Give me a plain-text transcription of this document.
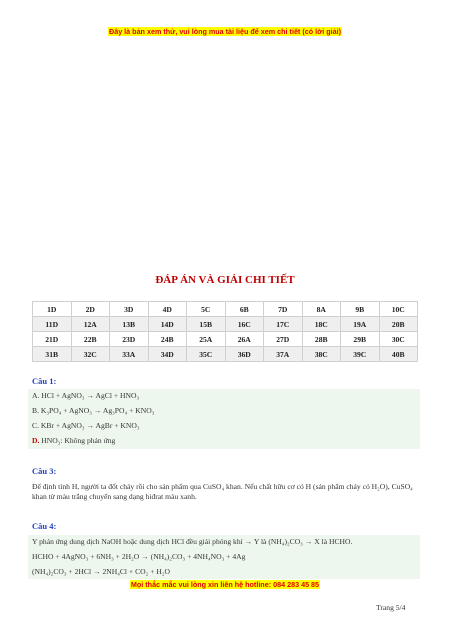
Đây là bản xem thử, vui lòng mua tài liệu để xem chi tiết (có lời giải)
ĐÁP ÁN VÀ GIẢI CHI TIẾT
1D	2D	3D	4D	5C	6B	7D	8A	9B	10C
11D	12A	13B	14D	15B	16C	17C	18C	19A	20B
21D	22B	23D	24B	25A	26A	27D	28B	29B	30C
31B	32C	33A	34D	35C	36D	37A	38C	39C	40B
Câu 1:
A. HCl + AgNO₃ → AgCl + HNO₃
B. K₃PO₄ + AgNO₃ → Ag₃PO₄ + KNO₃
C. KBr + AgNO₃ → AgBr + KNO₃
D. HNO₃: Không phản ứng
Câu 3:
Để định tính H, người ta đốt cháy rồi cho sản phẩm qua CuSO₄ khan. Nếu chất hữu cơ có H (sản phẩm cháy có H₂O), CuSO₄ khan từ màu trắng chuyển sang dạng hiđrat màu xanh.
Câu 4:
Y phản ứng dung dịch NaOH hoặc dung dịch HCl đều giải phóng khí → Y là (NH₄)₂CO₃ → X là HCHO.
HCHO + 4AgNO₃ + 6NH₃ + 2H₂O → (NH₄)₂CO₃ + 4NH₄NO₃ + 4Ag
(NH₄)₂CO₃ + 2HCl → 2NH₄Cl + CO₂ + H₂O
Mọi thắc mắc vui lòng xin liên hệ hotline: 084 283 45 85
Trang 5/4
